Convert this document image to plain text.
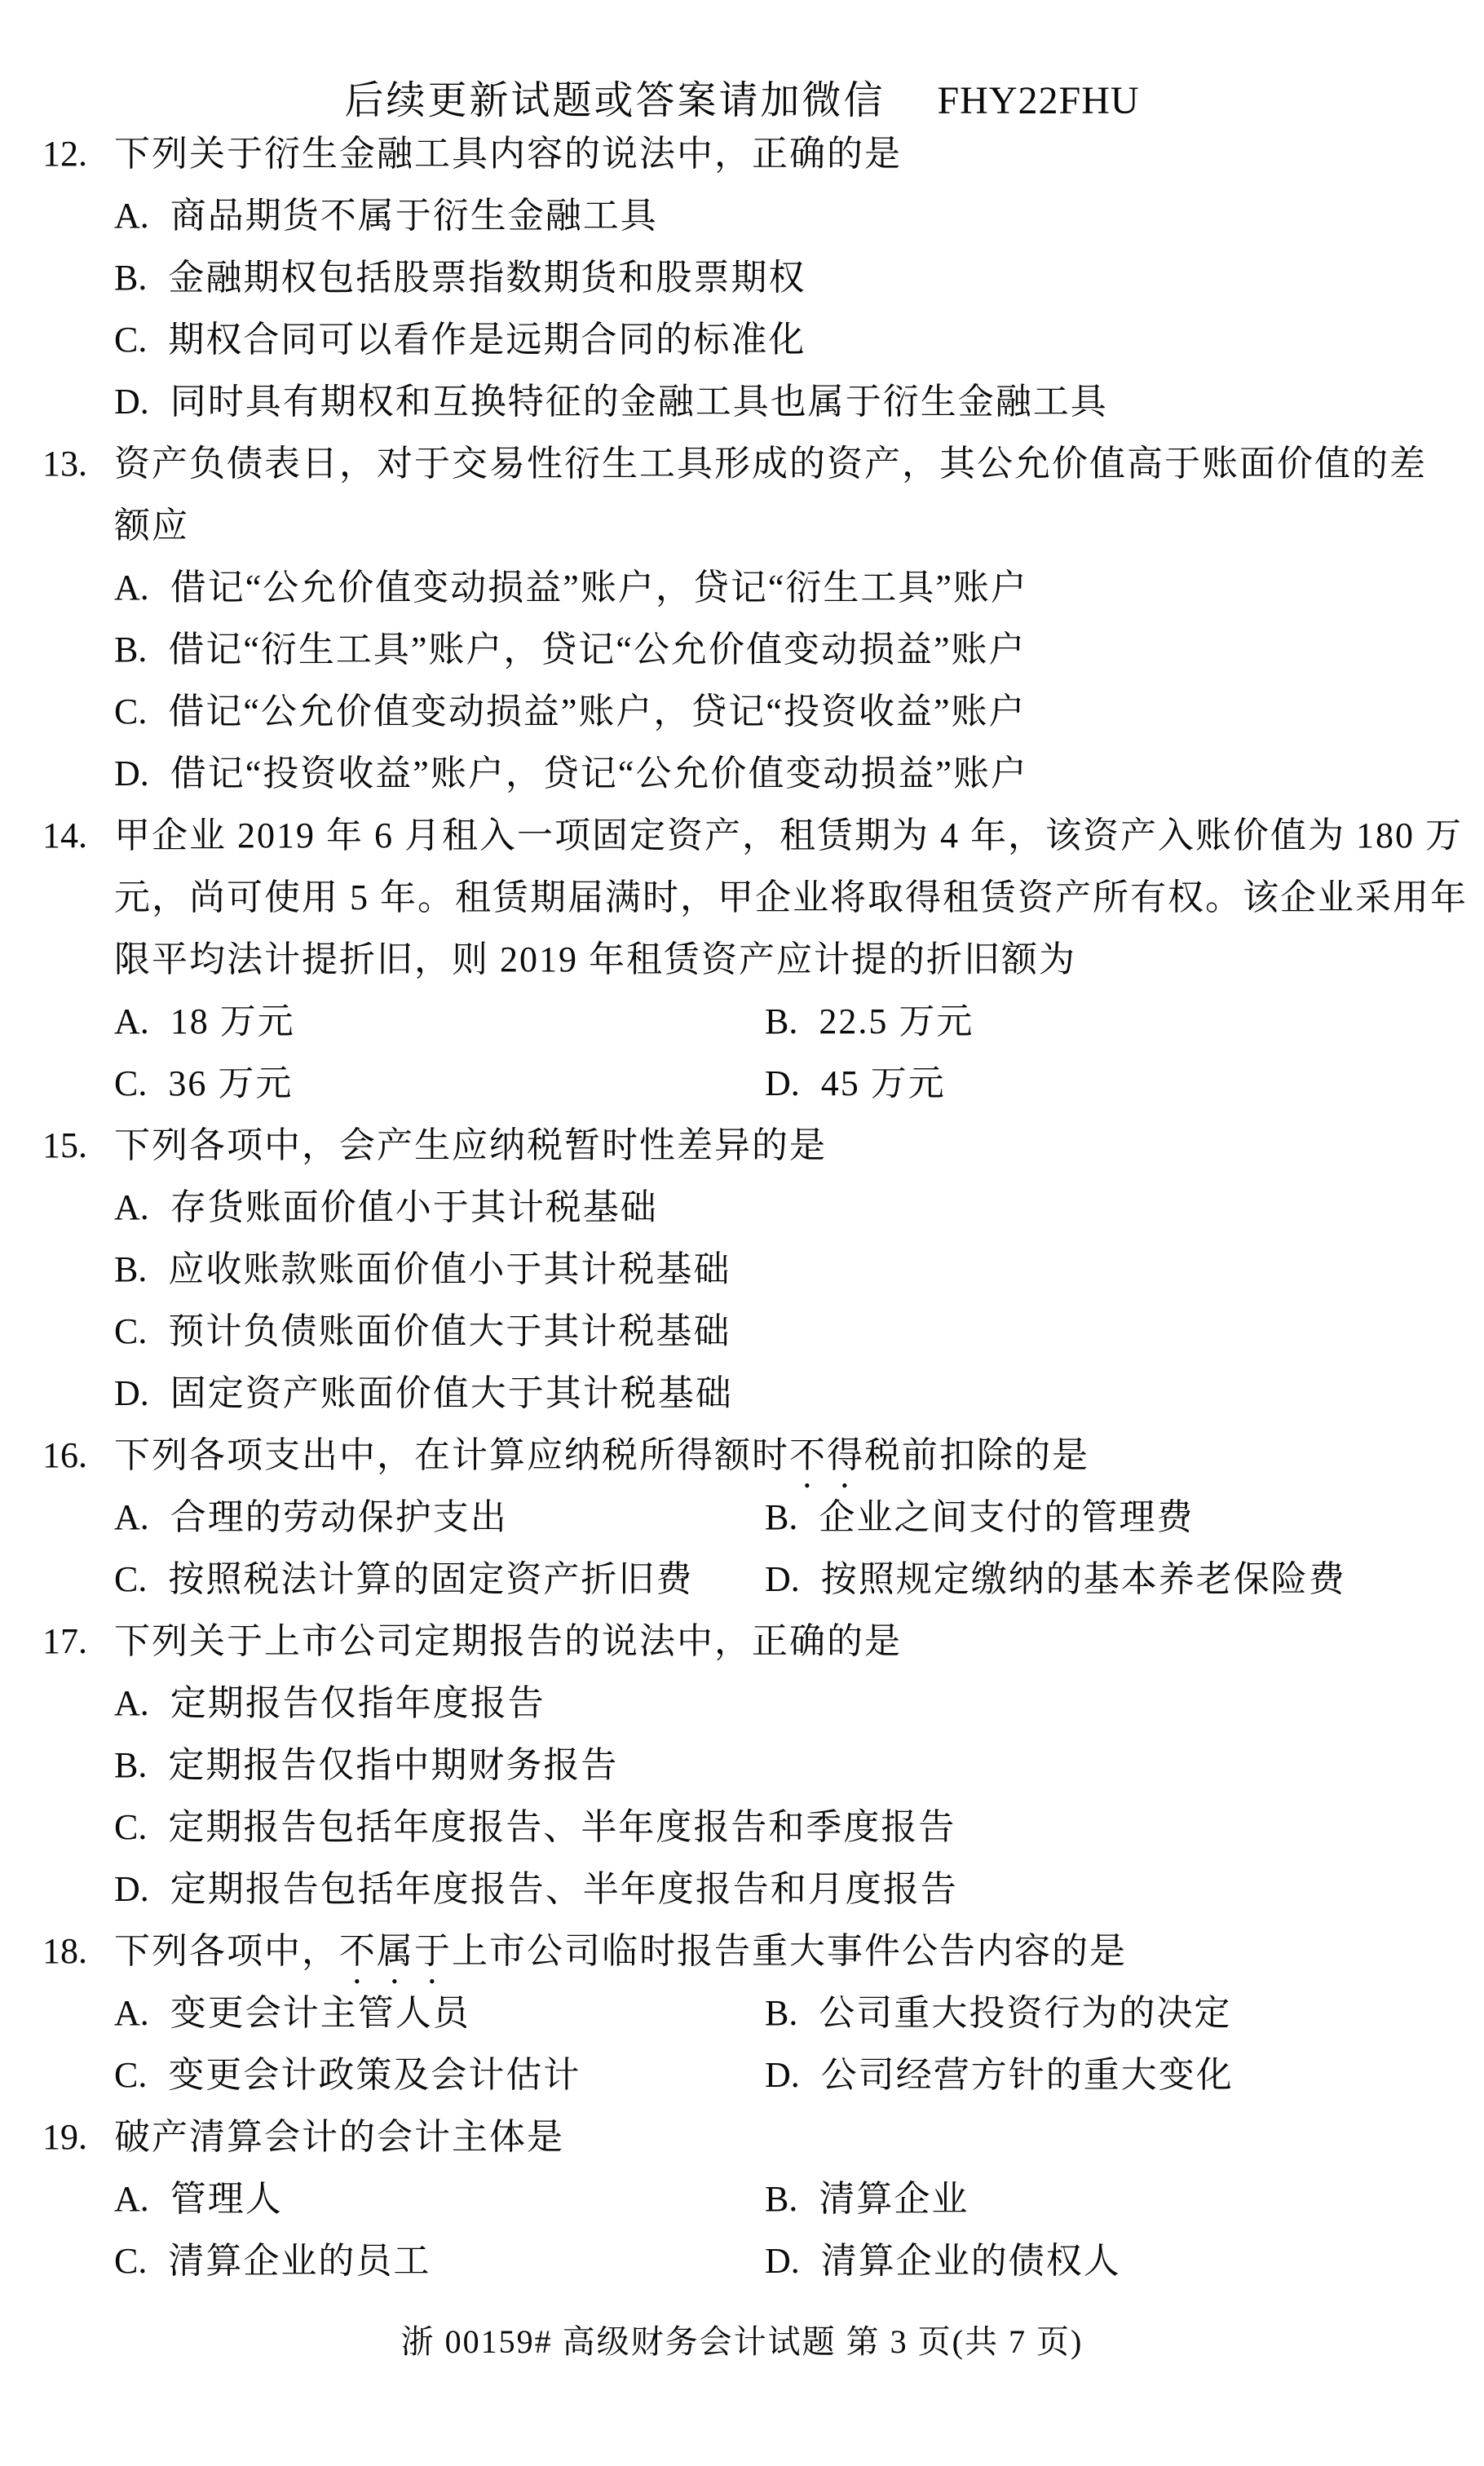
后续更新试题或答案请加微信 FHY22FHU
12. 下列关于衍生金融工具内容的说法中，正确的是
A. 商品期货不属于衍生金融工具
B. 金融期权包括股票指数期货和股票期权
C. 期权合同可以看作是远期合同的标准化
D. 同时具有期权和互换特征的金融工具也属于衍生金融工具
13. 资产负债表日，对于交易性衍生工具形成的资产，其公允价值高于账面价值的差
额应
A. 借记“公允价值变动损益”账户，贷记“衍生工具”账户
B. 借记“衍生工具”账户，贷记“公允价值变动损益”账户
C. 借记“公允价值变动损益”账户，贷记“投资收益”账户
D. 借记“投资收益”账户，贷记“公允价值变动损益”账户
14. 甲企业 2019 年 6 月租入一项固定资产，租赁期为 4 年，该资产入账价值为 180 万
元，尚可使用 5 年。租赁期届满时，甲企业将取得租赁资产所有权。该企业采用年
限平均法计提折旧，则 2019 年租赁资产应计提的折旧额为
A. 18 万元	B. 22.5 万元
C. 36 万元	D. 45 万元
15. 下列各项中，会产生应纳税暂时性差异的是
A. 存货账面价值小于其计税基础
B. 应收账款账面价值小于其计税基础
C. 预计负债账面价值大于其计税基础
D. 固定资产账面价值大于其计税基础
16. 下列各项支出中，在计算应纳税所得额时不得税前扣除的是
A. 合理的劳动保护支出	B. 企业之间支付的管理费
C. 按照税法计算的固定资产折旧费 D. 按照规定缴纳的基本养老保险费
17. 下列关于上市公司定期报告的说法中，正确的是
A. 定期报告仅指年度报告
B. 定期报告仅指中期财务报告
C. 定期报告包括年度报告、半年度报告和季度报告
D. 定期报告包括年度报告、半年度报告和月度报告
18. 下列各项中，不属于上市公司临时报告重大事件公告内容的是
A. 变更会计主管人员	B. 公司重大投资行为的决定
C. 变更会计政策及会计估计	D. 公司经营方针的重大变化
19. 破产清算会计的会计主体是
A. 管理人	B. 清算企业
C. 清算企业的员工	D. 清算企业的债权人
浙 00159# 高级财务会计试题 第 3 页(共 7 页)
